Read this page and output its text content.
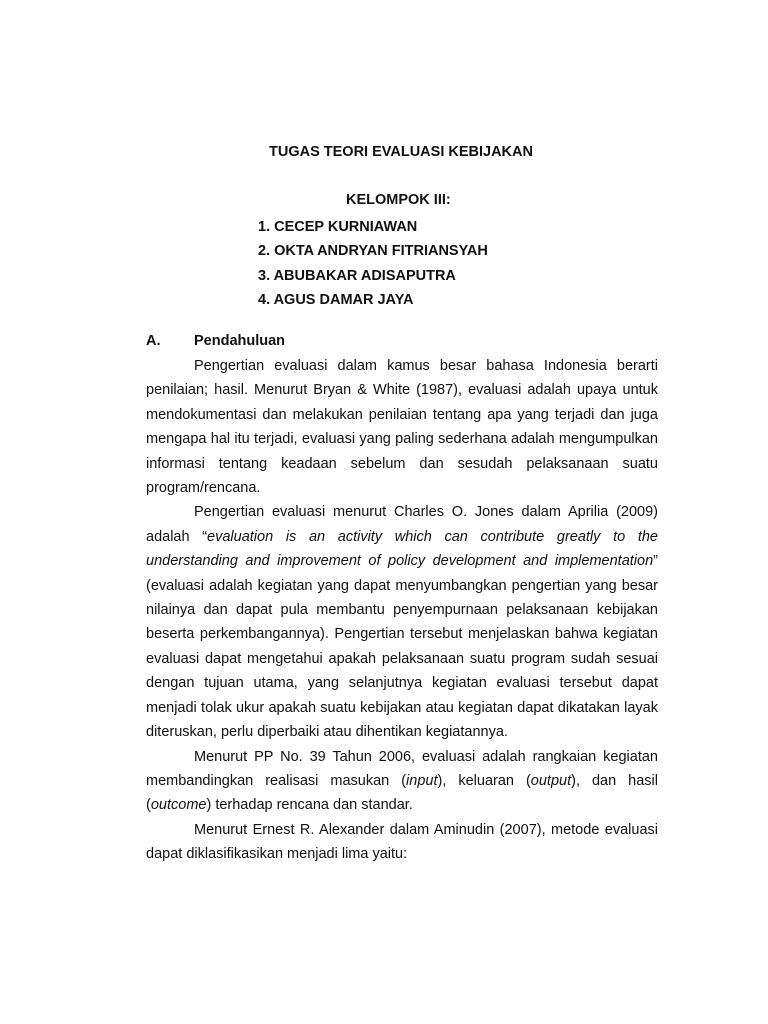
TUGAS TEORI EVALUASI KEBIJAKAN
KELOMPOK III:
1. CECEP KURNIAWAN
2. OKTA ANDRYAN FITRIANSYAH
3. ABUBAKAR ADISAPUTRA
4. AGUS DAMAR JAYA
A. Pendahuluan

Pengertian evaluasi dalam kamus besar bahasa Indonesia berarti penilaian; hasil. Menurut Bryan & White (1987), evaluasi adalah upaya untuk mendokumentasi dan melakukan penilaian tentang apa yang terjadi dan juga mengapa hal itu terjadi, evaluasi yang paling sederhana adalah mengumpulkan informasi tentang keadaan sebelum dan sesudah pelaksanaan suatu program/rencana.

Pengertian evaluasi menurut Charles O. Jones dalam Aprilia (2009) adalah “evaluation is an activity which can contribute greatly to the understanding and improvement of policy development and implementation” (evaluasi adalah kegiatan yang dapat menyumbangkan pengertian yang besar nilainya dan dapat pula membantu penyempurnaan pelaksanaan kebijakan beserta perkembangannya). Pengertian tersebut menjelaskan bahwa kegiatan evaluasi dapat mengetahui apakah pelaksanaan suatu program sudah sesuai dengan tujuan utama, yang selanjutnya kegiatan evaluasi tersebut dapat menjadi tolak ukur apakah suatu kebijakan atau kegiatan dapat dikatakan layak diteruskan, perlu diperbaiki atau dihentikan kegiatannya.

Menurut PP No. 39 Tahun 2006, evaluasi adalah rangkaian kegiatan membandingkan realisasi masukan (input), keluaran (output), dan hasil (outcome) terhadap rencana dan standar.

Menurut Ernest R. Alexander dalam Aminudin (2007), metode evaluasi dapat diklasifikasikan menjadi lima yaitu:
